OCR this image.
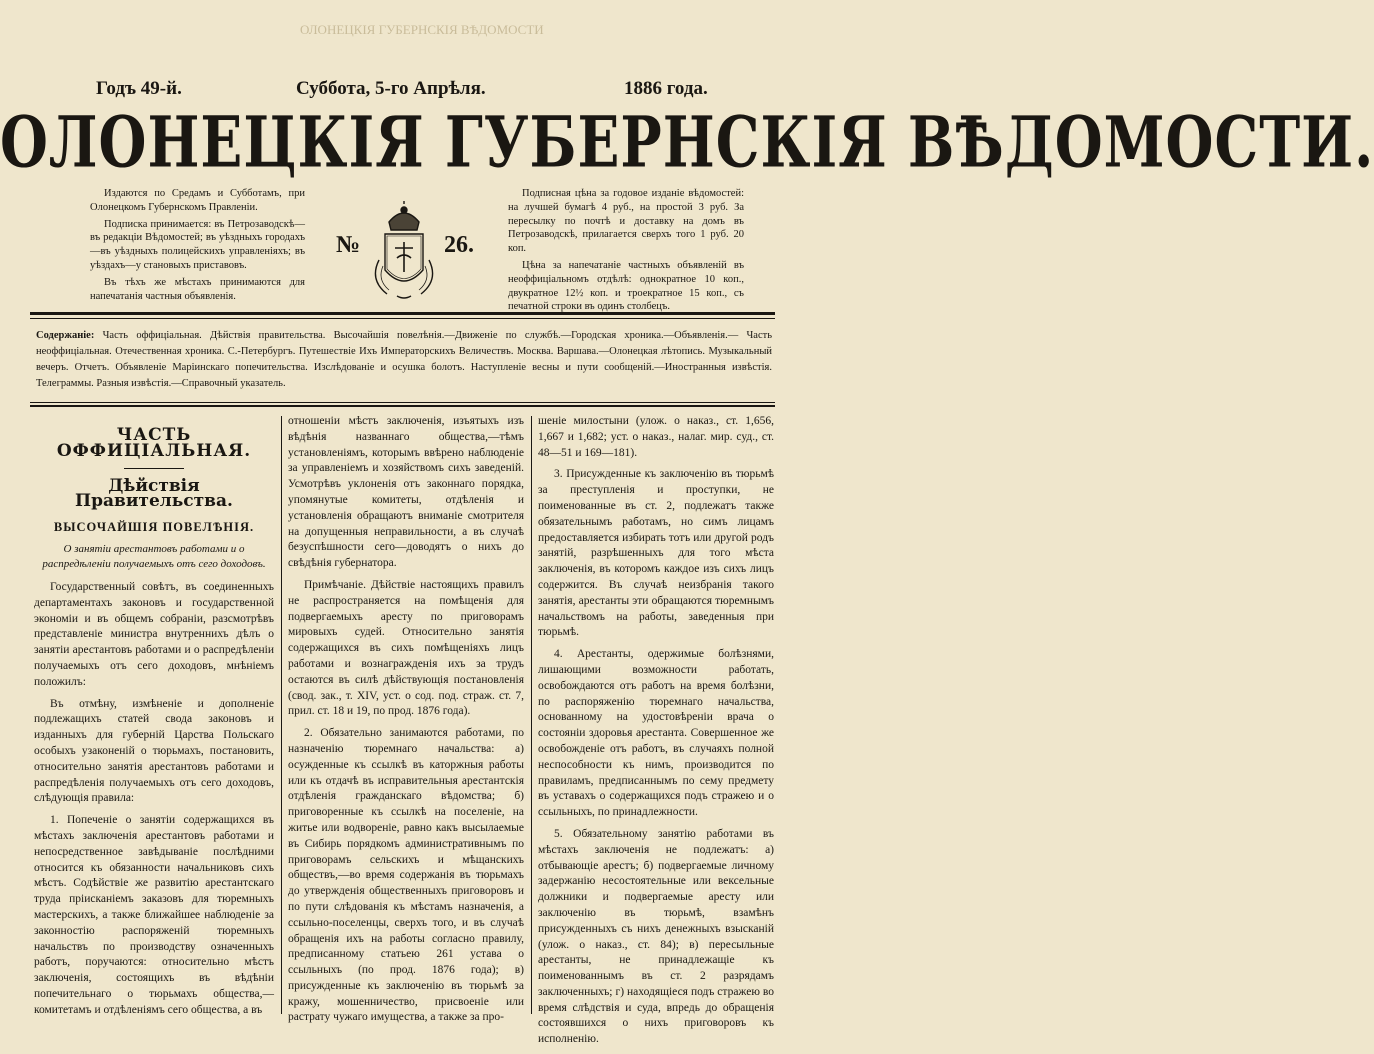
ОЛОНЕЦКІЯ ГУБЕРНСКІЯ ВѢДОМОСТИ
Годъ 49-й.	Суббота, 5-го Апрѣля.	1886 года.
ОЛОНЕЦКІЯ ГУБЕРНСКІЯ ВѢДОМОСТИ.

Издаются по Средамъ и Субботамъ, при Олонецкомъ Губернскомъ Правленіи.

Подписка принимается: въ Петрозаводскѣ—въ редакціи Вѣдомостей; въ уѣздныхъ городахъ—въ уѣздныхъ полицейскихъ управленіяхъ; въ уѣздахъ—у становыхъ приставовъ.

Въ тѣхъ же мѣстахъ принимаются для напечатанія частныя объявленія.

№	26.

Подписная цѣна за годовое изданіе вѣдомостей: на лучшей бумагѣ 4 руб., на простой 3 руб. За пересылку по почтѣ и доставку на домъ въ Петрозаводскѣ, прилагается сверхъ того 1 руб. 20 коп.

Цѣна за напечатаніе частныхъ объявленій въ неоффиціальномъ отдѣлѣ: однократное 10 коп., двукратное 12½ коп. и троекратное 15 коп., съ печатной строки въ одинъ столбецъ.

Содержаніе: Часть оффиціальная. Дѣйствія правительства. Высочайшія повелѣнія.—Движеніе по службѣ.—Городская хроника.—Объявленія.— Часть неоффиціальная. Отечественная хроника. С.-Петербургъ. Путешествіе Ихъ Императорскихъ Величествъ. Москва. Варшава.—Олонецкая лѣтопись. Музыкальный вечеръ. Отчетъ. Объявленіе Маріинскаго попечительства. Изслѣдованіе и осушка болотъ. Наступленіе весны и пути сообщеній.—Иностранныя извѣстія. Телеграммы. Разныя извѣстія.—Справочный указатель.
ЧАСТЬ ОФФИЦІАЛЬНАЯ.
Дѣйствія Правительства.
ВЫСОЧАЙШІЯ ПОВЕЛѢНІЯ.
О занятіи арестантовъ работами и о распредѣленіи получаемыхъ отъ сего доходовъ.

Государственный совѣтъ, въ соединенныхъ департаментахъ законовъ и государственной экономіи и въ общемъ собраніи, разсмотрѣвъ представленіе министра внутреннихъ дѣлъ о занятіи арестантовъ работами и о распредѣленіи получаемыхъ отъ сего доходовъ, мнѣніемъ положилъ:

Въ отмѣну, измѣненіе и дополненіе подлежащихъ статей свода законовъ и изданныхъ для губерній Царства Польскаго особыхъ узаконеній о тюрьмахъ, постановить, относительно занятія арестантовъ работами и распредѣленія получаемыхъ отъ сего доходовъ, слѣдующія правила:

1. Попеченіе о занятіи содержащихся въ мѣстахъ заключенія арестантовъ работами и непосредственное завѣдываніе послѣдними относится къ обязанности начальниковъ сихъ мѣстъ. Содѣйствіе же развитію арестантскаго труда пріисканіемъ заказовъ для тюремныхъ мастерскихъ, а также ближайшее наблюденіе за законностію распоряженій тюремныхъ начальствъ по производству означенныхъ работъ, поручаются: относительно мѣстъ заключенія, состоящихъ въ вѣдѣніи попечительнаго о тюрьмахъ общества,—комитетамъ и отдѣленіямъ сего общества, а въ

отношеніи мѣстъ заключенія, изъятыхъ изъ вѣдѣнія названнаго общества,—тѣмъ установленіямъ, которымъ ввѣрено наблюденіе за управленіемъ и хозяйствомъ сихъ заведеній. Усмотрѣвъ уклоненія отъ законнаго порядка, упомянутые комитеты, отдѣленія и установленія обращаютъ вниманіе смотрителя на допущенныя неправильности, а въ случаѣ безуспѣшности сего—доводятъ о нихъ до свѣдѣнія губернатора.

Примѣчаніе. Дѣйствіе настоящихъ правилъ не распространяется на помѣщенія для подвергаемыхъ аресту по приговорамъ мировыхъ судей. Относительно занятія содержащихся въ сихъ помѣщеніяхъ лицъ работами и вознагражденія ихъ за трудъ остаются въ силѣ дѣйствующія постановленія (свод. зак., т. XIV, уст. о сод. под. страж. ст. 7, прил. ст. 18 и 19, по прод. 1876 года).

2. Обязательно занимаются работами, по назначенію тюремнаго начальства: а) осужденные къ ссылкѣ въ каторжныя работы или къ отдачѣ въ исправительныя арестантскія отдѣленія гражданскаго вѣдомства; б) приговоренные къ ссылкѣ на поселеніе, на житье или водвореніе, равно какъ высылаемые въ Сибирь порядкомъ административнымъ по приговорамъ сельскихъ и мѣщанскихъ обществъ,—во время содержанія въ тюрьмахъ до утвержденія общественныхъ приговоровъ и по пути слѣдованія къ мѣстамъ назначенія, а ссыльно-поселенцы, сверхъ того, и въ случаѣ обращенія ихъ на работы согласно правилу, предписанному статьею 261 устава о ссыльныхъ (по прод. 1876 года); в) присужденные къ заключенію въ тюрьмѣ за кражу, мошенничество, присвоеніе или растрату чужаго имущества, а также за про-

шеніе милостыни (улож. о наказ., ст. 1,656, 1,667 и 1,682; уст. о наказ., налаг. мир. суд., ст. 48—51 и 169—181).

3. Присужденные къ заключенію въ тюрьмѣ за преступленія и проступки, не поименованные въ ст. 2, подлежатъ также обязательнымъ работамъ, но симъ лицамъ предоставляется избирать тотъ или другой родъ занятій, разрѣшенныхъ для того мѣста заключенія, въ которомъ каждое изъ сихъ лицъ содержится. Въ случаѣ неизбранія такого занятія, арестанты эти обращаются тюремнымъ начальствомъ на работы, заведенныя при тюрьмѣ.

4. Арестанты, одержимые болѣзнями, лишающими возможности работать, освобождаются отъ работъ на время болѣзни, по распоряженію тюремнаго начальства, основанному на удостовѣреніи врача о состояніи здоровья арестанта. Совершенное же освобожденіе отъ работъ, въ случаяхъ полной неспособности къ нимъ, производится по правиламъ, предписаннымъ по сему предмету въ уставахъ о содержащихся подъ стражею и о ссыльныхъ, по принадлежности.

5. Обязательному занятію работами въ мѣстахъ заключенія не подлежатъ: а) отбывающіе арестъ; б) подвергаемые личному задержанію несостоятельные или вексельные должники и подвергаемые аресту или заключенію въ тюрьмѣ, взамѣнъ присужденныхъ съ нихъ денежныхъ взысканій (улож. о наказ., ст. 84); в) пересыльные арестанты, не принадлежащіе къ поименованнымъ въ ст. 2 разрядамъ заключенныхъ; г) находящіеся подъ стражею во время слѣдствія и суда, впредь до обращенія состоявшихся о нихъ приговоровъ къ исполненію.
